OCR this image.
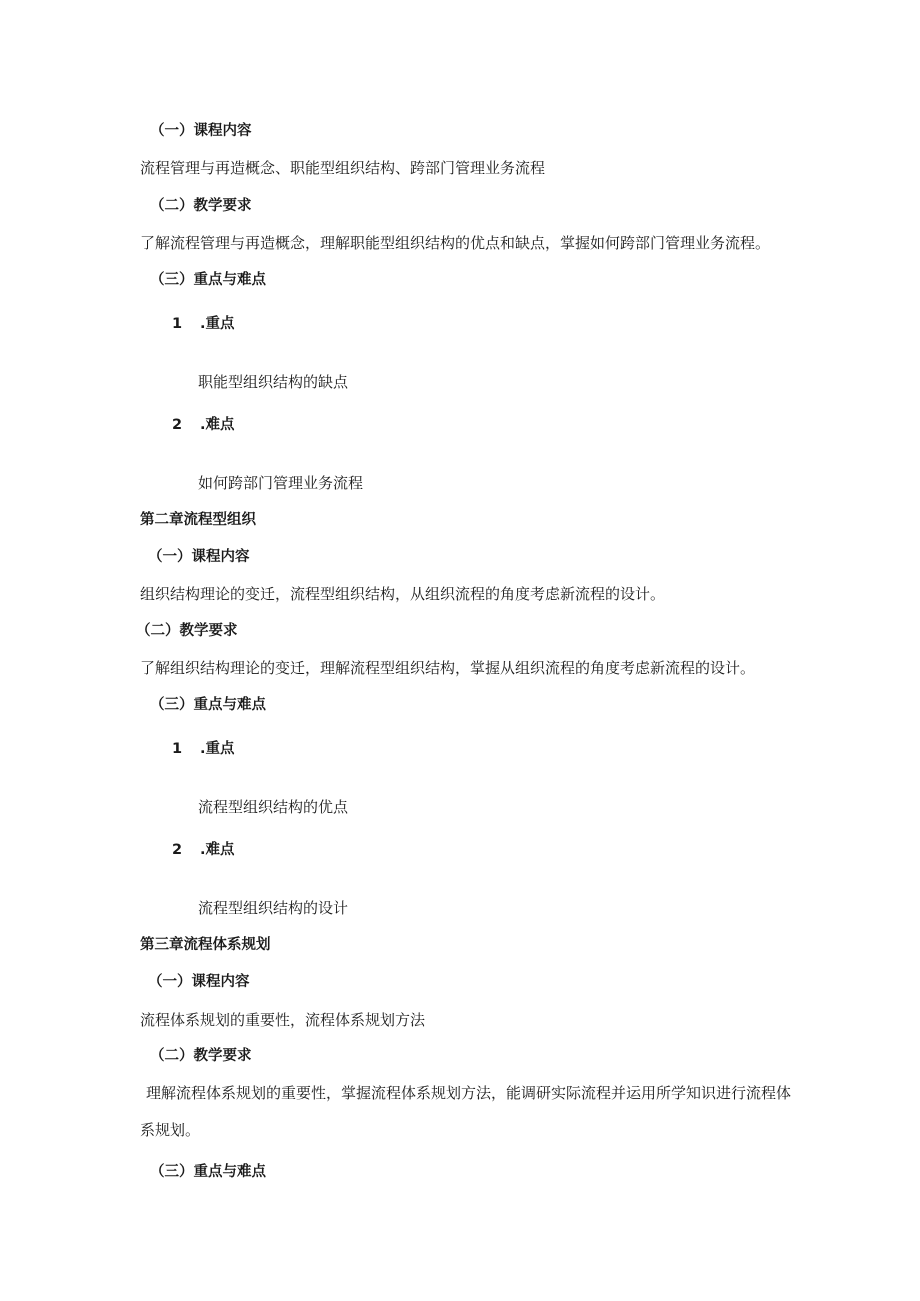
（一）课程内容
流程管理与再造概念、职能型组织结构、跨部门管理业务流程
（二）教学要求
了解流程管理与再造概念，理解职能型组织结构的优点和缺点，掌握如何跨部门管理业务流程。
（三）重点与难点
1 .重点
职能型组织结构的缺点
2 .难点
如何跨部门管理业务流程
第二章流程型组织
（一）课程内容
组织结构理论的变迁，流程型组织结构，从组织流程的角度考虑新流程的设计。
（二）教学要求
了解组织结构理论的变迁，理解流程型组织结构，掌握从组织流程的角度考虑新流程的设计。
（三）重点与难点
1 .重点
流程型组织结构的优点
2 .难点
流程型组织结构的设计
第三章流程体系规划
（一）课程内容
流程体系规划的重要性，流程体系规划方法
（二）教学要求
理解流程体系规划的重要性，掌握流程体系规划方法，能调研实际流程并运用所学知识进行流程体
系规划。
（三）重点与难点
